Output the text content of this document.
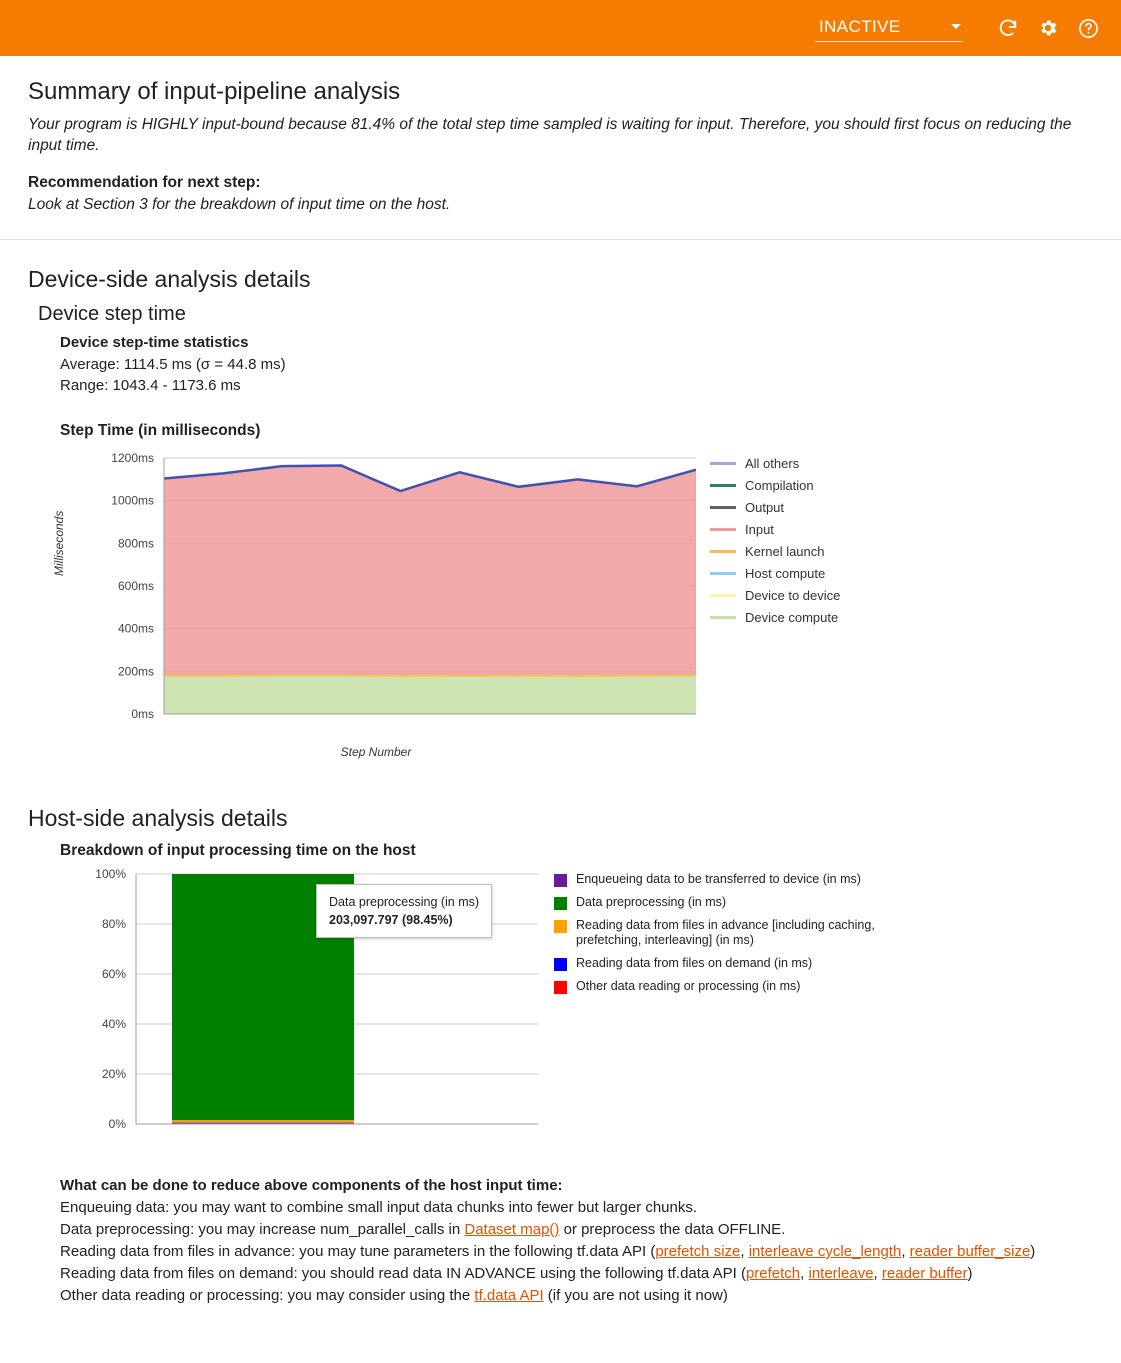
INACTIVE
Summary of input-pipeline analysis

Your program is HIGHLY input-bound because 81.4% of the total step time sampled is waiting for input. Therefore, you should first focus on reducing the input time.

Recommendation for next step:

Look at Section 3 for the breakdown of input time on the host.

Device-side analysis details
Device step time

Device step-time statistics

Average: 1114.5 ms (σ = 44.8 ms)

Range: 1043.4 - 1173.6 ms

Step Time (in milliseconds)
Milliseconds
0ms
200ms
400ms
600ms
800ms
1000ms
1200ms
Step Number
All others
Compilation
Output
Input
Kernel launch
Host compute
Device to device
Device compute
Host-side analysis details
Breakdown of input processing time on the host
0%
20%
40%
60%
80%
100%
Data preprocessing (in ms)
203,097.797 (98.45%)
Enqueueing data to be transferred to device (in ms)
Data preprocessing (in ms)
Reading data from files in advance [including caching, prefetching, interleaving] (in ms)
Reading data from files on demand (in ms)
Other data reading or processing (in ms)

What can be done to reduce above components of the host input time:

Enqueuing data: you may want to combine small input data chunks into fewer but larger chunks.

Data preprocessing: you may increase num_parallel_calls in Dataset map() or preprocess the data OFFLINE.

Reading data from files in advance: you may tune parameters in the following tf.data API (prefetch size, interleave cycle_length, reader buffer_size)

Reading data from files on demand: you should read data IN ADVANCE using the following tf.data API (prefetch, interleave, reader buffer)

Other data reading or processing: you may consider using the tf.data API (if you are not using it now)
